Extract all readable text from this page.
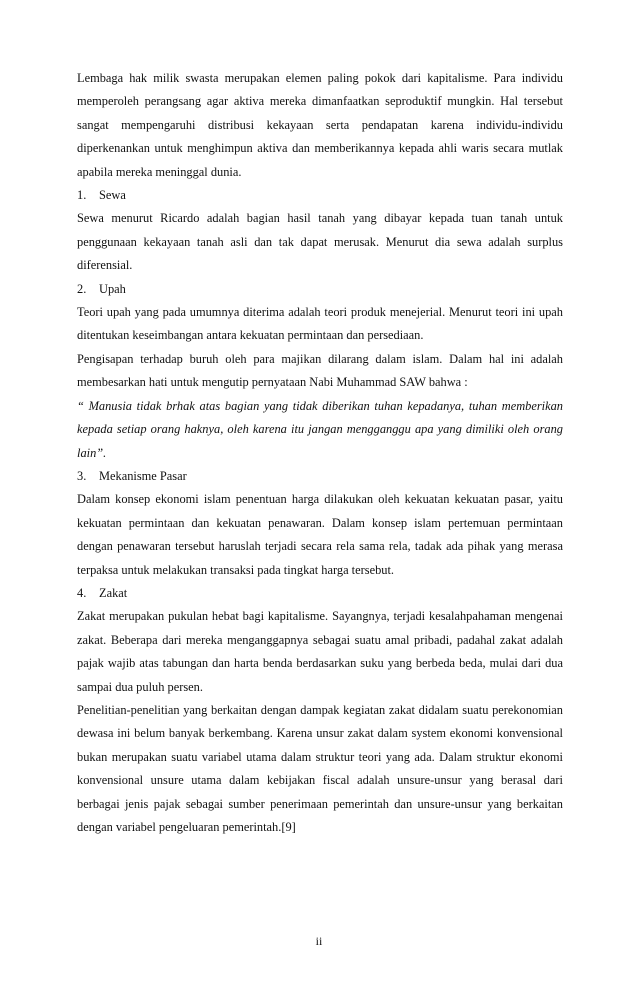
Lembaga hak milik swasta merupakan elemen paling pokok dari kapitalisme. Para individu memperoleh perangsang agar aktiva mereka dimanfaatkan seproduktif mungkin. Hal tersebut sangat mempengaruhi distribusi kekayaan serta pendapatan karena individu-individu diperkenankan untuk menghimpun aktiva dan memberikannya kepada ahli waris secara mutlak apabila mereka meninggal dunia.

1. Sewa

Sewa menurut Ricardo adalah bagian hasil tanah yang dibayar kepada tuan tanah untuk penggunaan kekayaan tanah asli dan tak dapat merusak. Menurut dia sewa adalah surplus diferensial.

2. Upah

Teori upah yang pada umumnya diterima adalah teori produk menejerial. Menurut teori ini upah ditentukan keseimbangan antara kekuatan permintaan dan persediaan.

Pengisapan terhadap buruh oleh para majikan dilarang dalam islam. Dalam hal ini adalah membesarkan hati untuk mengutip pernyataan Nabi Muhammad SAW bahwa :

“ Manusia tidak brhak atas bagian yang tidak diberikan tuhan kepadanya, tuhan memberikan kepada setiap orang haknya, oleh karena itu jangan mengganggu apa yang dimiliki oleh orang lain”.

3. Mekanisme Pasar

Dalam konsep ekonomi islam penentuan harga dilakukan oleh kekuatan kekuatan pasar, yaitu kekuatan permintaan dan kekuatan penawaran. Dalam konsep islam pertemuan permintaan dengan penawaran tersebut haruslah terjadi secara rela sama rela, tadak ada pihak yang merasa terpaksa untuk melakukan transaksi pada tingkat harga tersebut.

4. Zakat

Zakat merupakan pukulan hebat bagi kapitalisme. Sayangnya, terjadi kesalahpahaman mengenai zakat. Beberapa dari mereka menganggapnya sebagai suatu amal pribadi, padahal zakat adalah pajak wajib atas tabungan dan harta benda berdasarkan suku yang berbeda beda, mulai dari dua sampai dua puluh persen.

Penelitian-penelitian yang berkaitan dengan dampak kegiatan zakat didalam suatu perekonomian dewasa ini belum banyak berkembang. Karena unsur zakat dalam system ekonomi konvensional bukan merupakan suatu variabel utama dalam struktur teori yang ada. Dalam struktur ekonomi konvensional unsure utama dalam kebijakan fiscal adalah unsure-unsur yang berasal dari berbagai jenis pajak sebagai sumber penerimaan pemerintah dan unsure-unsur yang berkaitan dengan variabel pengeluaran pemerintah.[9]

ii
